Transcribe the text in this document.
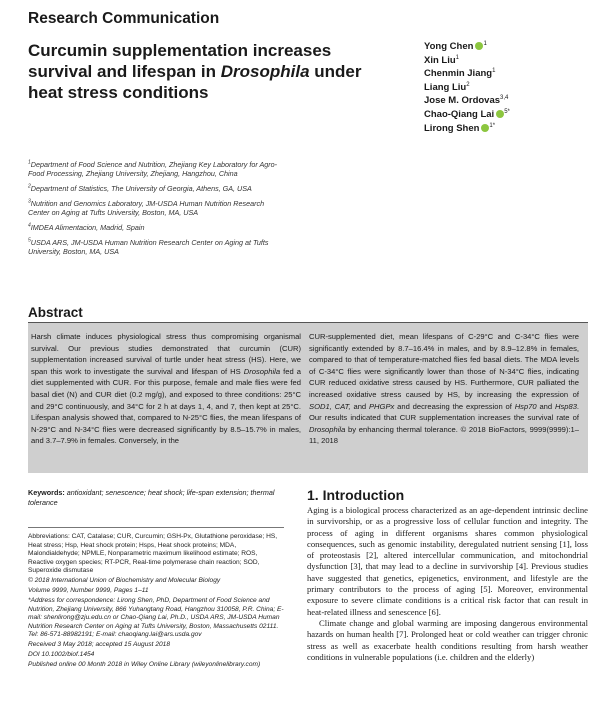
Research Communication
Curcumin supplementation increases survival and lifespan in Drosophila under heat stress conditions
Yong Chen $^1$
Xin Liu$^1$
Chenmin Jiang$^1$
Liang Liu$^2$
Jose M. Ordovas$^{3,4}$
Chao-Qiang Lai $^{5*}$
Lirong Shen $^{1*}$
$^1$Department of Food Science and Nutrition, Zhejiang Key Laboratory for Agro-Food Processing, Zhejiang University, Zhejiang, Hangzhou, China
$^2$Department of Statistics, The University of Georgia, Athens, GA, USA
$^3$Nutrition and Genomics Laboratory, JM-USDA Human Nutrition Research Center on Aging at Tufts University, Boston, MA, USA
$^4$IMDEA Alimentacion, Madrid, Spain
$^5$USDA ARS, JM-USDA Human Nutrition Research Center on Aging at Tufts University, Boston, MA, USA
Abstract
Harsh climate induces physiological stress thus compromising organismal survival. Our previous studies demonstrated that curcumin (CUR) supplementation increased survival of turtle under heat stress (HS). Here, we span this work to investigate the survival and lifespan of HS Drosophila fed a diet supplemented with CUR. For this purpose, female and male flies were fed basal diet (N) and CUR diet (0.2 mg/g), and exposed to three conditions: 25°C and 29°C continuously, and 34°C for 2 h at days 1, 4, and 7, then kept at 25°C. Lifespan analysis showed that, compared to N-25°C flies, the mean lifespans of N-29°C and N-34°C flies were decreased significantly by 8.5–15.7% in males, and 3.7–7.9% in females. Conversely, in the
CUR-supplemented diet, mean lifespans of C-29°C and C-34°C flies were significantly extended by 8.7–16.4% in males, and by 8.9–12.8% in females, compared to that of temperature-matched flies fed basal diets. The MDA levels of C-34°C flies were significantly lower than those of N-34°C flies, indicating CUR reduced oxidative stress caused by HS. Furthermore, CUR palliated the increased oxidative stress caused by HS, by increasing the expression of SOD1, CAT, and PHGPx and decreasing the expression of Hsp70 and Hsp83. Our results indicated that CUR supplementation increases the survival rate of Drosophila by enhancing thermal tolerance. © 2018 BioFactors, 9999(9999):1–11, 2018
Keywords: antioxidant; senescence; heat shock; life-span extension; thermal tolerance

Abbreviations: CAT, Catalase; CUR, Curcumin; GSH-Px, Glutathione peroxidase; HS, Heat stress; Hsp, Heat shock protein; Hsps, Heat shock proteins; MDA, Malondialdehyde; NPMLE, Nonparametric maximum likelihood estimate; ROS, Reactive oxygen species; RT-PCR, Real-time polymerase chain reaction; SOD, Superoxide dismutase

© 2018 International Union of Biochemistry and Molecular Biology

Volume 9999, Number 9999, Pages 1–11

*Address for correspondence: Lirong Shen, PhD, Department of Food Science and Nutrition, Zhejiang University, 866 Yuhangtang Road, Hangzhou 310058, P.R. China; E-mail: shenlirong@zju.edu.cn or Chao-Qiang Lai, Ph.D., USDA ARS, JM-USDA Human Nutrition Research Center on Aging at Tufts University, Boston, Massachusetts 02111. Tel: 86-571-88982191; E-mail: chaoqiang.lai@ars.usda.gov

Received 3 May 2018; accepted 15 August 2018

DOI 10.1002/biof.1454

Published online 00 Month 2018 in Wiley Online Library (wileyonlinelibrary.com)

1. Introduction

Aging is a biological process characterized as an age-dependent intrinsic decline in survivorship, or as a progressive loss of cellular function and integrity. The process of aging in different organisms shares common physiological consequences, such as genomic instability, deregulated nutrient sensing [1], loss of proteostasis [2], altered intercellular communication, and mitochondrial dysfunction [3], that may lead to a decline in survivorship [4]. Previous studies have suggested that genetics, epigenetics, environment, and lifestyle are the primary contributors to the process of aging [5]. Moreover, environmental exposure to severe climate conditions is a critical risk factor that can result in heat-related illness and senescence [6].

Climate change and global warming are imposing dangerous environmental hazards on human health [7]. Prolonged heat or cold weather can trigger chronic stress as well as exacerbate health conditions resulting from harsh weather conditions in vulnerable populations (i.e. children and the elderly)
